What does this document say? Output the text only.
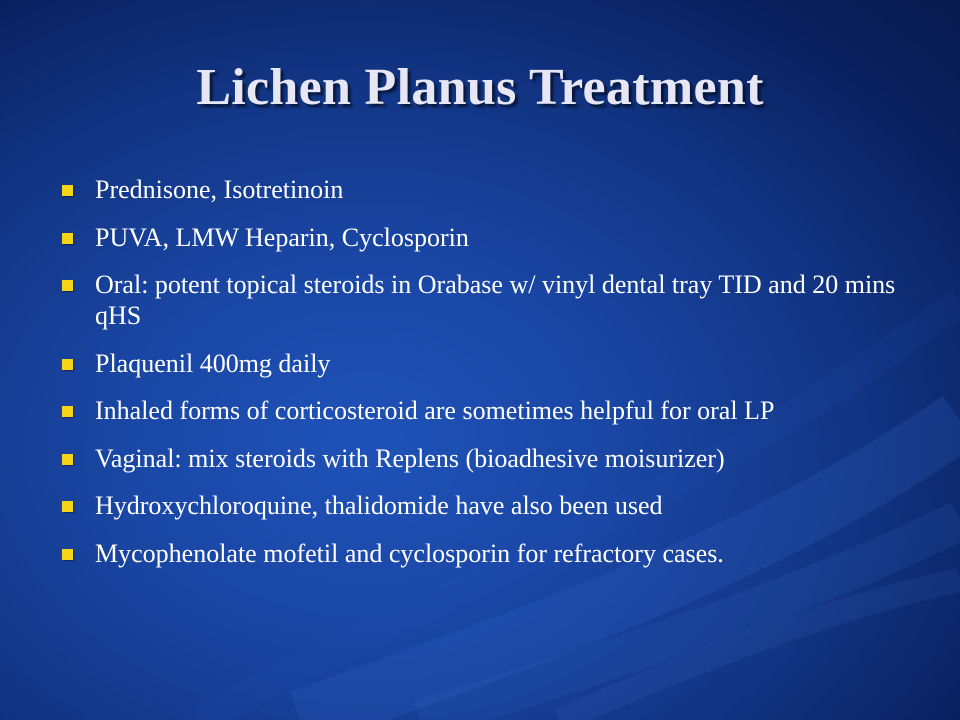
Lichen Planus Treatment
Prednisone, Isotretinoin
PUVA, LMW Heparin, Cyclosporin
Oral: potent topical steroids in Orabase w/ vinyl dental tray TID and 20 mins qHS
Plaquenil 400mg daily
Inhaled forms of corticosteroid are sometimes helpful for oral LP
Vaginal: mix steroids with Replens (bioadhesive moisurizer)
Hydroxychloroquine, thalidomide have also been used
Mycophenolate mofetil and cyclosporin for refractory cases.
